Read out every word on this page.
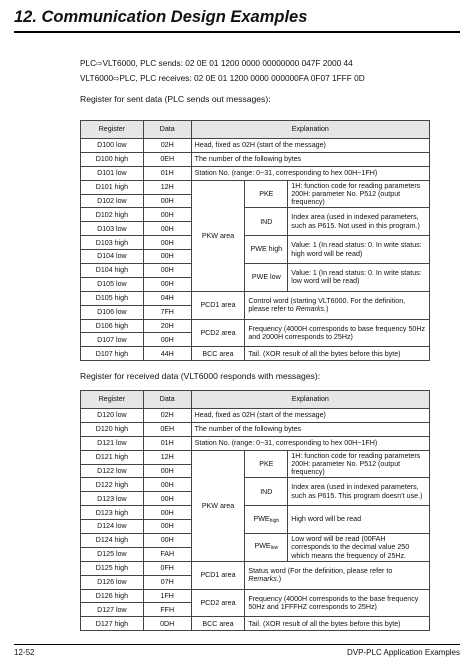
12. Communication Design Examples
PLC⇨VLT6000, PLC sends: 02 0E 01 1200 0000 00000000 047F 2000 44
VLT6000⇨PLC, PLC receives: 02 0E 01 1200 0000 000000FA 0F07 1FFF 0D
Register for sent data (PLC sends out messages):
Register	Data	Explanation		
D100 low	02H	Head, fixed as 02H (start of the message)		
D100 high	0EH	The number of the following bytes		
D101 low	01H	Station No. (range: 0~31, corresponding to hex 00H~1FH)		
D101 high	12H	PKW area	PKE	1H: function code for reading parameters 200H: parameter No. P512 (output frequency)
D102 low	00H			
D102 high	00H		IND	Index area (used in indexed parameters, such as P615. Not used in this program.)
D103 low	00H			
D103 high	00H		PWE high	Value: 1 (In read status: 0. In write status: high word will be read)
D104 low	00H			
D104 high	00H		PWE low	Value: 1 (In read status: 0. In write status: low word will be read)
D105 low	00H			
D105 high	04H	PCD1 area	Control word (starting VLT6000. For the definition, please refer to Remarks.)	
D106 low	7FH			
D106 high	20H	PCD2 area	Frequency (4000H corresponds to base frequency 50Hz and 2000H corresponds to 25Hz)	
D107 low	00H			
D107 high	44H	BCC area	Tail. (XOR result of all the bytes before this byte)	
Register for received data (VLT6000 responds with messages):
Register	Data	Explanation		
D120 low	02H	Head, fixed as 02H (start of the message)		
D120 high	0EH	The number of the following bytes		
D121 low	01H	Station No. (range: 0~31, corresponding to hex 00H~1FH)		
D121 high	12H	PKW area	PKE	1H: function code for reading parameters 200H: parameter No. P512 (output frequency)
D122 low	00H			
D122 high	00H		IND	Index area (used in indexed parameters, such as P615. This program doesn’t use.)
D123 low	00H			
D123 high	00H		$PWE_{high}$	High word will be read
D124 low	00H			
D124 high	00H		$PWE_{low}$	Low word will be read (00FAH corresponds to the decimal value 250 which means the frequency of 25Hz.
D125 low	FAH			
D125 high	0FH	PCD1 area	Status word (For the definition, please refer to Remarks.)	
D126 low	07H			
D126 high	1FH	PCD2 area	Frequency (4000H corresponds to the base frequency 50Hz and 1FFFHZ corresponds to 25Hz)	
D127 low	FFH			
D127 high	0DH	BCC area	Tail. (XOR result of all the bytes before this byte)	
12-52	DVP-PLC Application Examples
